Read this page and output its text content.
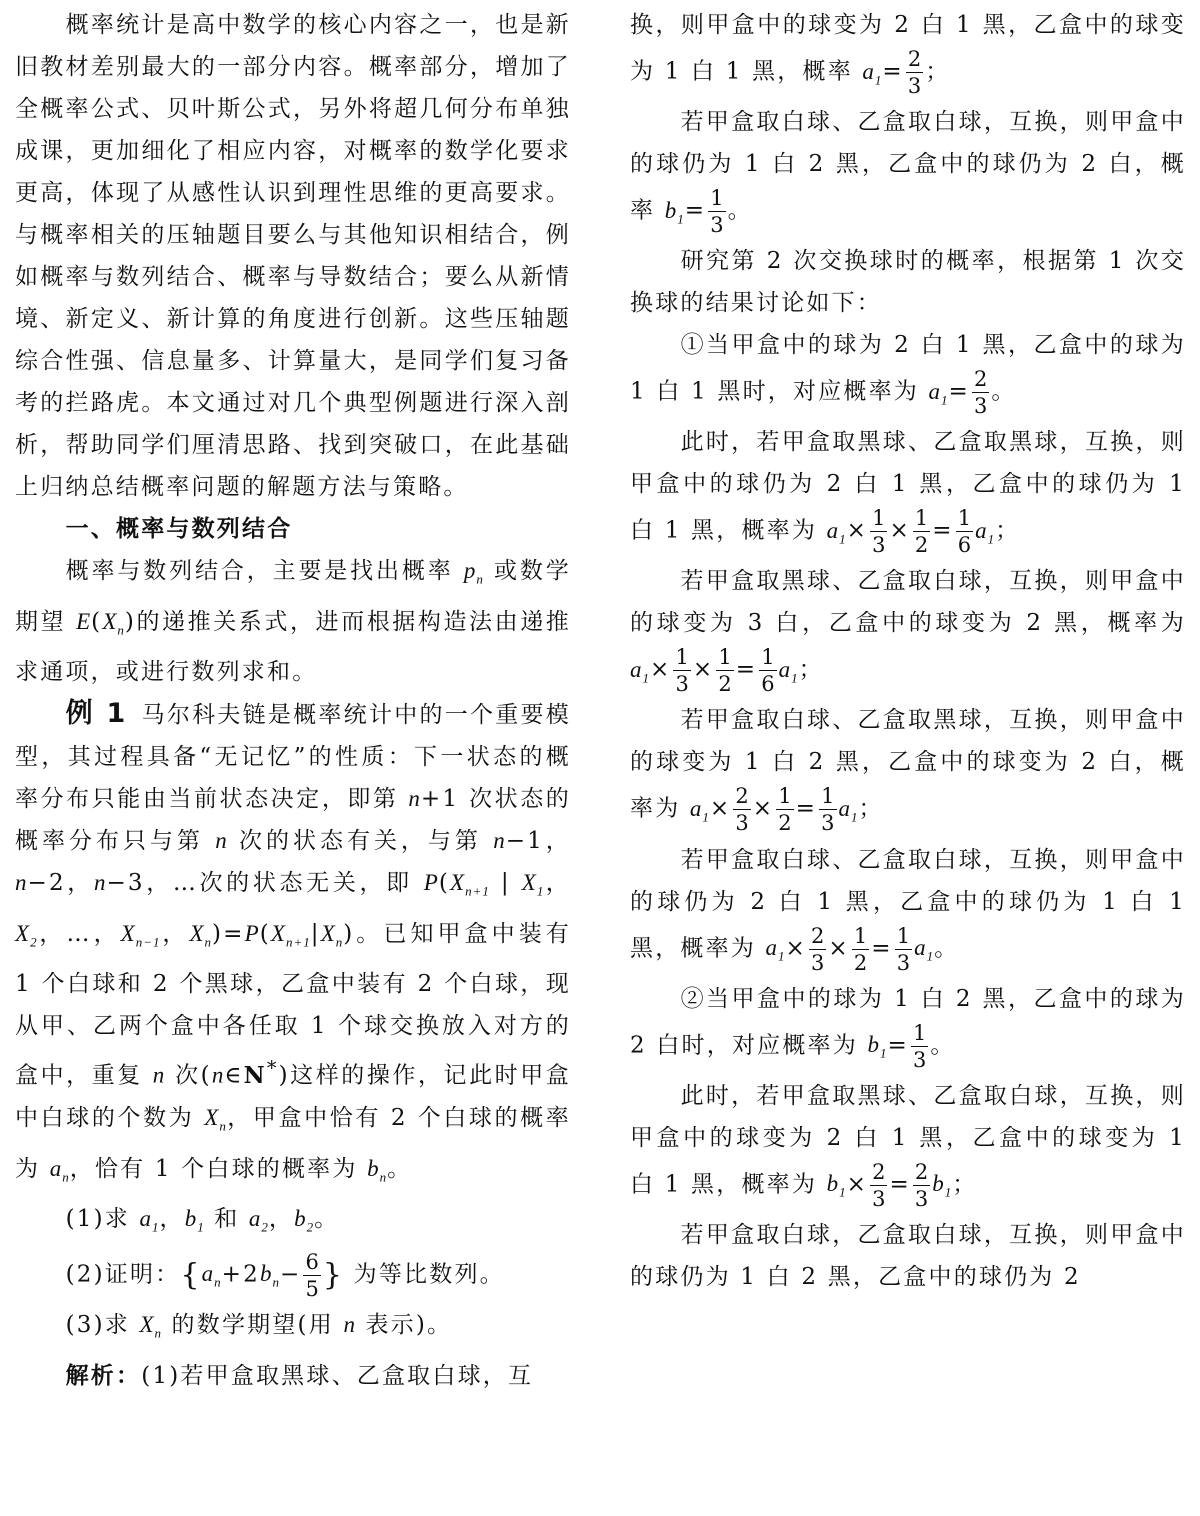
概率统计是高中数学的核心内容之一，也是新旧教材差别最大的一部分内容。概率部分，增加了全概率公式、贝叶斯公式，另外将超几何分布单独成课，更加细化了相应内容，对概率的数学化要求更高，体现了从感性认识到理性思维的更高要求。与概率相关的压轴题目要么与其他知识相结合，例如概率与数列结合、概率与导数结合；要么从新情境、新定义、新计算的角度进行创新。这些压轴题综合性强、信息量多、计算量大，是同学们复习备考的拦路虎。本文通过对几个典型例题进行深入剖析，帮助同学们厘清思路、找到突破口，在此基础上归纳总结概率问题的解题方法与策略。

一、概率与数列结合

概率与数列结合，主要是找出概率 $p_n$ 或数学期望 $E(X_n)$的递推关系式，进而根据构造法由递推求通项，或进行数列求和。

例 1 马尔科夫链是概率统计中的一个重要模型，其过程具备“无记忆”的性质：下一状态的概率分布只能由当前状态决定，即第 n+1 次状态的概率分布只与第 n 次的状态有关，与第 n−1，n−2，n−3，…次的状态无关，即 $P(X_{n+1}$ | $X_1$，$X_2$，…，$X_{n-1}$，$X_n)=P(X_{n+1}|X_n)$。已知甲盒中装有 1 个白球和 2 个黑球，乙盒中装有 2 个白球，现从甲、乙两个盒中各任取 1 个球交换放入对方的盒中，重复 n 次(n∈N*)这样的操作，记此时甲盒中白球的个数为 $X_n$，甲盒中恰有 2 个白球的概率为 $a_n$，恰有 1 个白球的概率为 $b_n$。

(1)求 $a_1$，$b_1$ 和 $a_2$，$b_2$。

(2)证明：{$a_n+2b_n- \frac{6}{5}$ } 为等比数列。

(3)求 $X_n$ 的数学期望(用 n 表示)。

解析：(1)若甲盒取黑球、乙盒取白球，互

换，则甲盒中的球变为 2 白 1 黑，乙盒中的球变为 1 白 1 黑，概率 $a_1= \frac{2}{3}$ ；

若甲盒取白球、乙盒取白球，互换，则甲盒中的球仍为 1 白 2 黑，乙盒中的球仍为 2 白，概率 $b_1= \frac{1}{3}$ 。

研究第 2 次交换球时的概率，根据第 1 次交换球的结果讨论如下：

①当甲盒中的球为 2 白 1 黑，乙盒中的球为 1 白 1 黑时，对应概率为 $a_1= \frac{2}{3}$ 。

此时，若甲盒取黑球、乙盒取黑球，互换，则甲盒中的球仍为 2 白 1 黑，乙盒中的球仍为 1 白 1 黑，概率为 $a_1\times \frac{1}{3} \times \frac{1}{2} = \frac{1}{6} a_1$；

若甲盒取黑球、乙盒取白球，互换，则甲盒中的球变为 3 白，乙盒中的球变为 2 黑，概率为 $a_1\times \frac{1}{3} \times \frac{1}{2} = \frac{1}{6} a_1$；

若甲盒取白球、乙盒取黑球，互换，则甲盒中的球变为 1 白 2 黑，乙盒中的球变为 2 白，概率为 $a_1\times \frac{2}{3} \times \frac{1}{2} = \frac{1}{3} a_1$；

若甲盒取白球、乙盒取白球，互换，则甲盒中的球仍为 2 白 1 黑，乙盒中的球仍为 1 白 1 黑，概率为 $a_1\times \frac{2}{3} \times \frac{1}{2} = \frac{1}{3} a_1$。

②当甲盒中的球为 1 白 2 黑，乙盒中的球为 2 白时，对应概率为 $b_1= \frac{1}{3}$ 。

此时，若甲盒取黑球、乙盒取白球，互换，则甲盒中的球变为 2 白 1 黑，乙盒中的球变为 1 白 1 黑，概率为 $b_1\times \frac{2}{3} = \frac{2}{3} b_1$；

若甲盒取白球，乙盒取白球，互换，则甲盒中的球仍为 1 白 2 黑，乙盒中的球仍为 2
